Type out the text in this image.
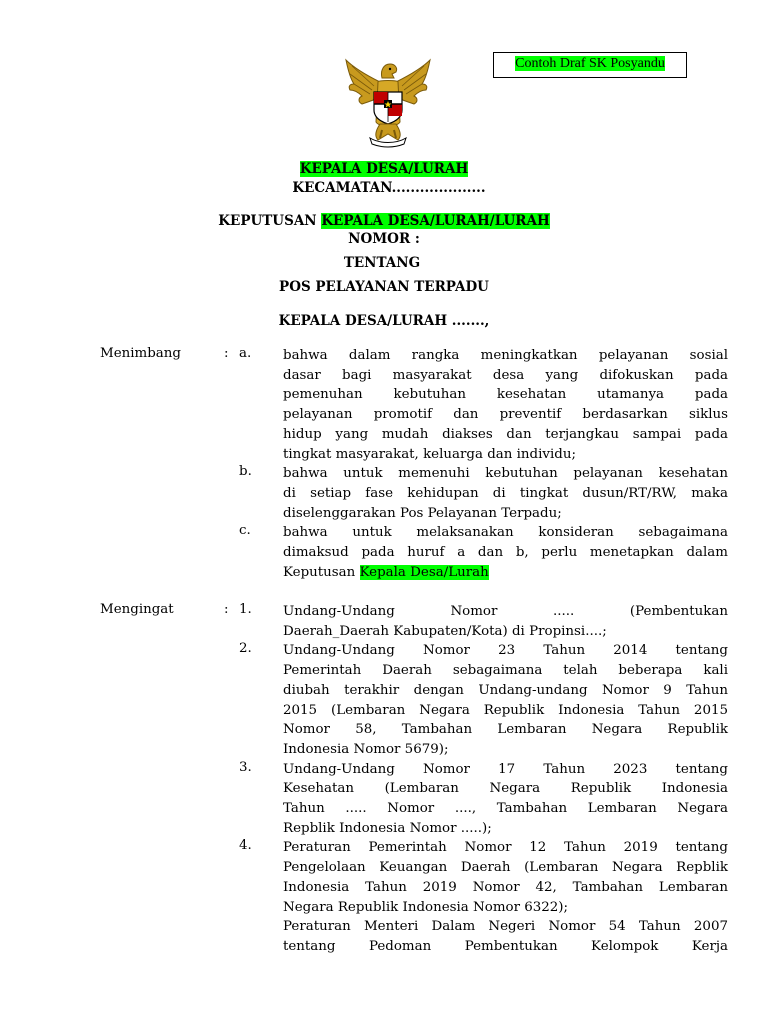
Contoh Draf SK Posyandu
KEPALA DESA/LURAH
KECAMATAN....................
KEPUTUSAN KEPALA DESA/LURAH/LURAH
NOMOR :
TENTANG
POS PELAYANAN TERPADU
KEPALA DESA/LURAH .......,
Menimbang	: a. bahwa dalam rangka meningkatkan pelayanan sosial
dasar bagi masyarakat desa yang difokuskan pada
pemenuhan kebutuhan kesehatan utamanya pada
pelayanan promotif dan preventif berdasarkan siklus
hidup yang mudah diakses dan terjangkau sampai pada
tingkat masyarakat, keluarga dan individu;
b. bahwa untuk memenuhi kebutuhan pelayanan kesehatan
di setiap fase kehidupan di tingkat dusun/RT/RW, maka
diselenggarakan Pos Pelayanan Terpadu;
c. bahwa untuk melaksanakan konsideran sebagaimana
dimaksud pada huruf a dan b, perlu menetapkan dalam
Keputusan Kepala Desa/Lurah
Mengingat	: 1. Undang-Undang Nomor ..... (Pembentukan
Daerah_Daerah Kabupaten/Kota) di Propinsi....;
2. Undang-Undang Nomor 23 Tahun 2014 tentang
Pemerintah Daerah sebagaimana telah beberapa kali
diubah terakhir dengan Undang-undang Nomor 9 Tahun
2015 (Lembaran Negara Republik Indonesia Tahun 2015
Nomor 58, Tambahan Lembaran Negara Republik
Indonesia Nomor 5679);
3. Undang-Undang Nomor 17 Tahun 2023 tentang
Kesehatan (Lembaran Negara Republik Indonesia
Tahun ..... Nomor ...., Tambahan Lembaran Negara
Repblik Indonesia Nomor .....);
4. Peraturan Pemerintah Nomor 12 Tahun 2019 tentang
Pengelolaan Keuangan Daerah (Lembaran Negara Repblik
Indonesia Tahun 2019 Nomor 42, Tambahan Lembaran
Negara Republik Indonesia Nomor 6322);
Peraturan Menteri Dalam Negeri Nomor 54 Tahun 2007
tentang Pedoman Pembentukan Kelompok Kerja
